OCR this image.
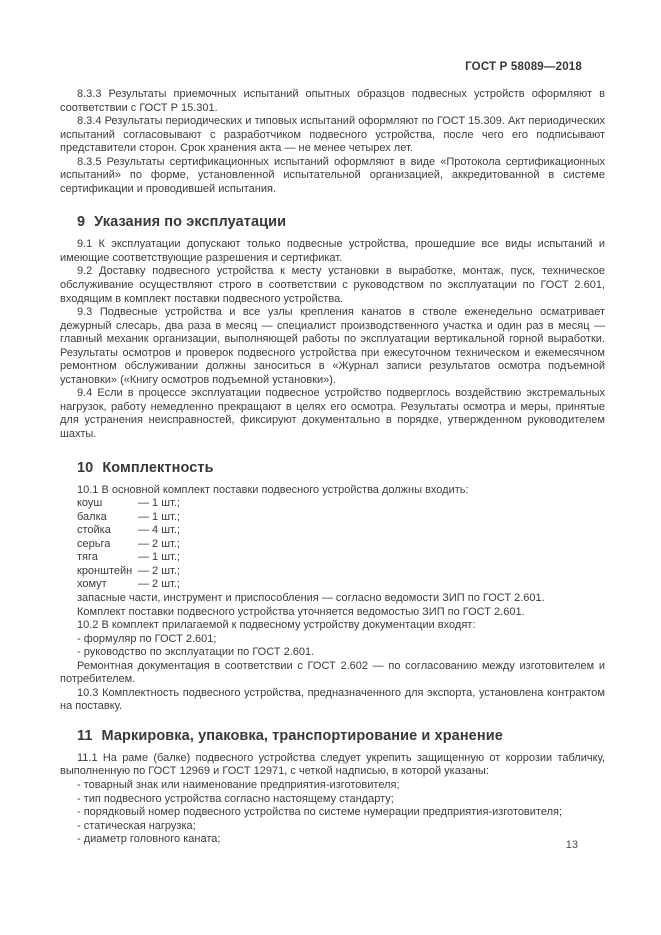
ГОСТ Р 58089—2018

8.3.3 Результаты приемочных испытаний опытных образцов подвесных устройств оформляют в соответствии с ГОСТ Р 15.301.

8.3.4 Результаты периодических и типовых испытаний оформляют по ГОСТ 15.309. Акт периодических испытаний согласовывают с разработчиком подвесного устройства, после чего его подписывают представители сторон. Срок хранения акта — не менее четырех лет.

8.3.5 Результаты сертификационных испытаний оформляют в виде «Протокола сертификационных испытаний» по форме, установленной испытательной организацией, аккредитованной в системе сертификации и проводившей испытания.

9 Указания по эксплуатации

9.1 К эксплуатации допускают только подвесные устройства, прошедшие все виды испытаний и имеющие соответствующие разрешения и сертификат.

9.2 Доставку подвесного устройства к месту установки в выработке, монтаж, пуск, техническое обслуживание осуществляют строго в соответствии с руководством по эксплуатации по ГОСТ 2.601, входящим в комплект поставки подвесного устройства.

9.3 Подвесные устройства и все узлы крепления канатов в стволе еженедельно осматривает дежурный слесарь, два раза в месяц — специалист производственного участка и один раз в месяц — главный механик организации, выполняющей работы по эксплуатации вертикальной горной выработки. Результаты осмотров и проверок подвесного устройства при ежесуточном техническом и ежемесячном ремонтном обслуживании должны заноситься в «Журнал записи результатов осмотра подъемной установки» («Книгу осмотров подъемной установки»).

9.4 Если в процессе эксплуатации подвесное устройство подверглось воздействию экстремальных нагрузок, работу немедленно прекращают в целях его осмотра. Результаты осмотра и меры, принятые для устранения неисправностей, фиксируют документально в порядке, утвержденном руководителем шахты.

10 Комплектность

10.1 В основной комплект поставки подвесного устройства должны входить:

коуш	— 1 шт.;
балка	— 1 шт.;
стойка — 4 шт.;
серьга	— 2 шт.;
тяга	— 1 шт.;
кронштейн — 2 шт.;
хомут	— 2 шт.;

запасные части, инструмент и приспособления — согласно ведомости ЗИП по ГОСТ 2.601.

Комплект поставки подвесного устройства уточняется ведомостью ЗИП по ГОСТ 2.601.

10.2 В комплект прилагаемой к подвесному устройству документации входят:

- формуляр по ГОСТ 2.601;

- руководство по эксплуатации по ГОСТ 2.601.

Ремонтная документация в соответствии с ГОСТ 2.602 — по согласованию между изготовителем и потребителем.

10.3 Комплектность подвесного устройства, предназначенного для экспорта, установлена контрактом на поставку.

11 Маркировка, упаковка, транспортирование и хранение

11.1 На раме (балке) подвесного устройства следует укрепить защищенную от коррозии табличку, выполненную по ГОСТ 12969 и ГОСТ 12971, с четкой надписью, в которой указаны:

- товарный знак или наименование предприятия-изготовителя;

- тип подвесного устройства согласно настоящему стандарту;

- порядковый номер подвесного устройства по системе нумерации предприятия-изготовителя;

- статическая нагрузка;

- диаметр головного каната;	13
